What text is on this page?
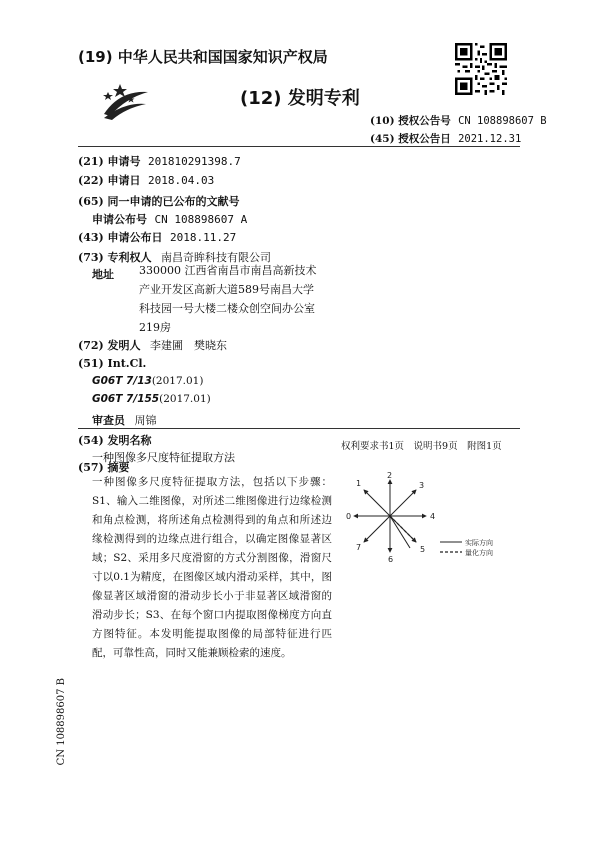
(19) 中华人民共和国国家知识产权局
(12) 发明专利
(10) 授权公告号 CN 108898607 B
(45) 授权公告日 2021.12.31
(21) 申请号 201810291398.7
(22) 申请日 2018.04.03
(65) 同一申请的已公布的文献号
申请公布号 CN 108898607 A
(43) 申请公布日 2018.11.27
(73) 专利权人 南昌奇眸科技有限公司
地址 330000 江西省南昌市南昌高新技术
产业开发区高新大道589号南昌大学
科技园一号大楼二楼众创空间办公室
219房
(72) 发明人 李建圃　樊晓东
(51) Int.Cl.
G06T 7/13(2017.01)
G06T 7/155(2017.01)
审查员 周锦
权利要求书1页　说明书9页　附图1页
(54) 发明名称
一种图像多尺度特征提取方法
(57) 摘要
一种图像多尺度特征提取方法，包括以下步骤：S1、输入二维图像，对所述二维图像进行边缘检测和角点检测，将所述角点检测得到的角点和所述边缘检测得到的边缘点进行组合，以确定图像显著区域；S2、采用多尺度滑窗的方式分割图像，滑窗尺寸以0.1为精度，在图像区域内滑动采样，其中，图像显著区域滑窗的滑动步长小于非显著区域滑窗的滑动步长；S3、在每个窗口内提取图像梯度方向直方图特征。本发明能提取图像的局部特征进行匹配，可靠性高，同时又能兼顾检索的速度。
0
1
2
3
4
5
6
7	实际方向
量化方向
CN 108898607 B
